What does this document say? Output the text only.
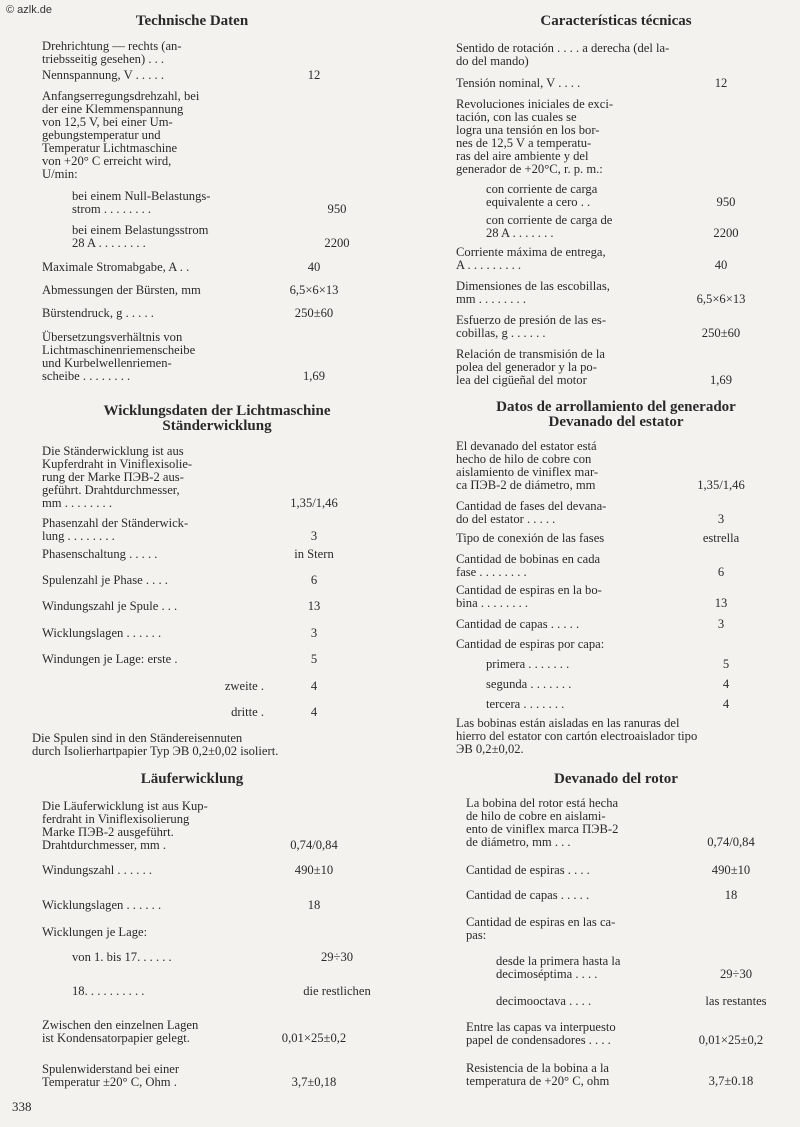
© azlk.de
Technische Daten
Drehrichtung — rechts (an-
triebsseitig gesehen) . . .
Nennspannung, V . . . . .	12
Anfangserregungsdrehzahl, bei
der eine Klemmenspannung
von 12,5 V, bei einer Um-
gebungstemperatur und
Temperatur Lichtmaschine
von +20° C erreicht wird,
U/min:
bei einem Null-Belastungs-
strom . . . . . . . .	950
bei einem Belastungsstrom
28 A . . . . . . . .	2200
Maximale Stromabgabe, A . .	40
Abmessungen der Bürsten, mm	6,5×6×13
Bürstendruck, g . . . . .	250±60
Übersetzungsverhältnis von
Lichtmaschinenriemenscheibe
und Kurbelwellenriemen-
scheibe . . . . . . . .	1,69
Wicklungsdaten der Lichtmaschine
Ständerwicklung
Die Ständerwicklung ist aus
Kupferdraht in Viniflexisolie-
rung der Marke ПЭВ-2 aus-
geführt. Drahtdurchmesser,
mm . . . . . . . .	1,35/1,46
Phasenzahl der Ständerwick-
lung . . . . . . . .	3
Phasenschaltung . . . . .	in Stern
Spulenzahl je Phase . . . .	6
Windungszahl je Spule . . .	13
Wicklungslagen . . . . . .	3
Windungen je Lage: erste .	5
zweite .	4
dritte .	4
Die Spulen sind in den Ständereisennuten
durch Isolierhartpapier Typ ЭВ 0,2±0,02 isoliert.
Läuferwicklung
Die Läuferwicklung ist aus Kup-
ferdraht in Viniflexisolierung
Marke ПЭВ-2 ausgeführt.
Drahtdurchmesser, mm .	0,74/0,84
Windungszahl . . . . . .	490±10
Wicklungslagen . . . . . .	18
Wicklungen je Lage:
von 1. bis 17. . . . . .	29÷30
18. . . . . . . . . .	die restlichen
Zwischen den einzelnen Lagen
ist Kondensatorpapier gelegt.	0,01×25±0,2
Spulenwiderstand bei einer
Temperatur ±20° C, Ohm .	3,7±0,18
Características técnicas
Sentido de rotación . . . . a derecha (del la-
do del mando)
Tensión nominal, V . . . .	12
Revoluciones iniciales de exci-
tación, con las cuales se
logra una tensión en los bor-
nes de 12,5 V a temperatu-
ras del aire ambiente y del
generador de +20°C, r. p. m.:
con corriente de carga
equivalente a cero . .	950
con corriente de carga de
28 A . . . . . . .	2200
Corriente máxima de entrega,
A . . . . . . . . .	40
Dimensiones de las escobillas,
mm . . . . . . . .	6,5×6×13
Esfuerzo de presión de las es-
cobillas, g . . . . . .	250±60
Relación de transmisión de la
polea del generador y la po-
lea del cigüeñal del motor	1,69
Datos de arrollamiento del generador
Devanado del estator
El devanado del estator está
hecho de hilo de cobre con
aislamiento de viniflex mar-
ca ПЭВ-2 de diámetro, mm	1,35/1,46
Cantidad de fases del devana-
do del estator . . . . .	3
Tipo de conexión de las fases	estrella
Cantidad de bobinas en cada
fase . . . . . . . .	6
Cantidad de espiras en la bo-
bina . . . . . . . .	13
Cantidad de capas . . . . .	3
Cantidad de espiras por capa:
primera . . . . . . .	5
segunda . . . . . . .	4
tercera . . . . . . .	4
Las bobinas están aisladas en las ranuras del
hierro del estator con cartón electroaislador tipo
ЭВ 0,2±0,02.
Devanado del rotor
La bobina del rotor está hecha
de hilo de cobre en aislami-
ento de viniflex marca ПЭВ-2
de diámetro, mm . . .	0,74/0,84
Cantidad de espiras . . . .	490±10
Cantidad de capas . . . . .	18
Cantidad de espiras en las ca-
pas:
desde la primera hasta la
decimoséptima . . . .	29÷30
decimooctava . . . .	las restantes
Entre las capas va interpuesto
papel de condensadores . . . .	0,01×25±0,2
Resistencia de la bobina a la
temperatura de +20° C, ohm	3,7±0.18
338
